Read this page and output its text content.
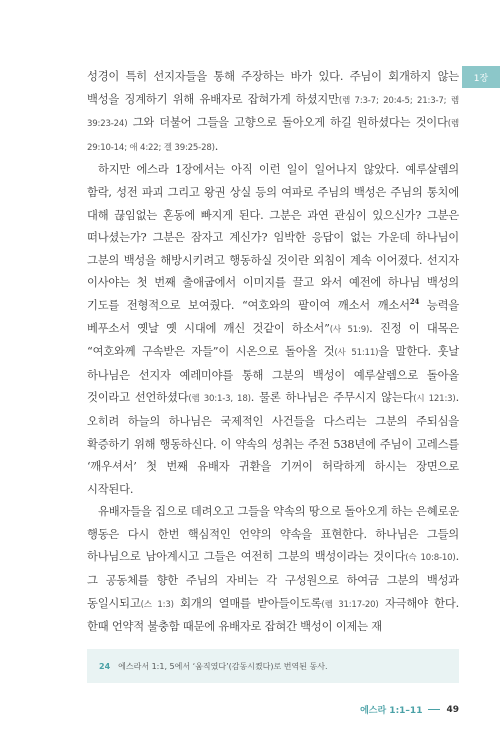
1장

성경이 특히 선지자들을 통해 주장하는 바가 있다. 주님이 회개하지 않는 백성을 징계하기 위해 유배자로 잡혀가게 하셨지만(렘 7:3-7; 20:4-5; 21:3-7; 렘 39:23-24) 그와 더불어 그들을 고향으로 돌아오게 하길 원하셨다는 것이다(렘 29:10-14; 애 4:22; 겔 39:25-28).

하지만 에스라 1장에서는 아직 이런 일이 일어나지 않았다. 예루살렘의 함락, 성전 파괴 그리고 왕권 상실 등의 여파로 주님의 백성은 주님의 통치에 대해 끊임없는 혼동에 빠지게 된다. 그분은 과연 관심이 있으신가? 그분은 떠나셨는가? 그분은 잠자고 계신가? 임박한 응답이 없는 가운데 하나님이 그분의 백성을 해방시키려고 행동하실 것이란 외침이 계속 이어졌다. 선지자 이사야는 첫 번째 출애굽에서 이미지를 끌고 와서 예전에 하나님 백성의 기도를 전형적으로 보여줬다. “여호와의 팔이여 깨소서 깨소서$^{24}$ 능력을 베푸소서 옛날 옛 시대에 깨신 것같이 하소서”(사 51:9). 진정 이 대목은 “여호와께 구속받은 자들”이 시온으로 돌아올 것(사 51:11)을 말한다. 훗날 하나님은 선지자 예레미야를 통해 그분의 백성이 예루살렘으로 돌아올 것이라고 선언하셨다(렘 30:1-3, 18). 물론 하나님은 주무시지 않는다(시 121:3). 오히려 하늘의 하나님은 국제적인 사건들을 다스리는 그분의 주되심을 확증하기 위해 행동하신다. 이 약속의 성취는 주전 538년에 주님이 고레스를 ‘깨우셔서’ 첫 번째 유배자 귀환을 기꺼이 허락하게 하시는 장면으로 시작된다.

유배자들을 집으로 데려오고 그들을 약속의 땅으로 돌아오게 하는 은혜로운 행동은 다시 한번 핵심적인 언약의 약속을 표현한다. 하나님은 그들의 하나님으로 남아계시고 그들은 여전히 그분의 백성이라는 것이다(슥 10:8-10). 그 공동체를 향한 주님의 자비는 각 구성원으로 하여금 그분의 백성과 동일시되고(스 1:3) 회개의 열매를 받아들이도록(렘 31:17-20) 자극해야 한다. 한때 언약적 불충함 때문에 유배자로 잡혀간 백성이 이제는 재

24 에스라서 1:1, 5에서 ‘움직였다’(감동시켰다)로 번역된 동사.
에스라 1:1–11	49
